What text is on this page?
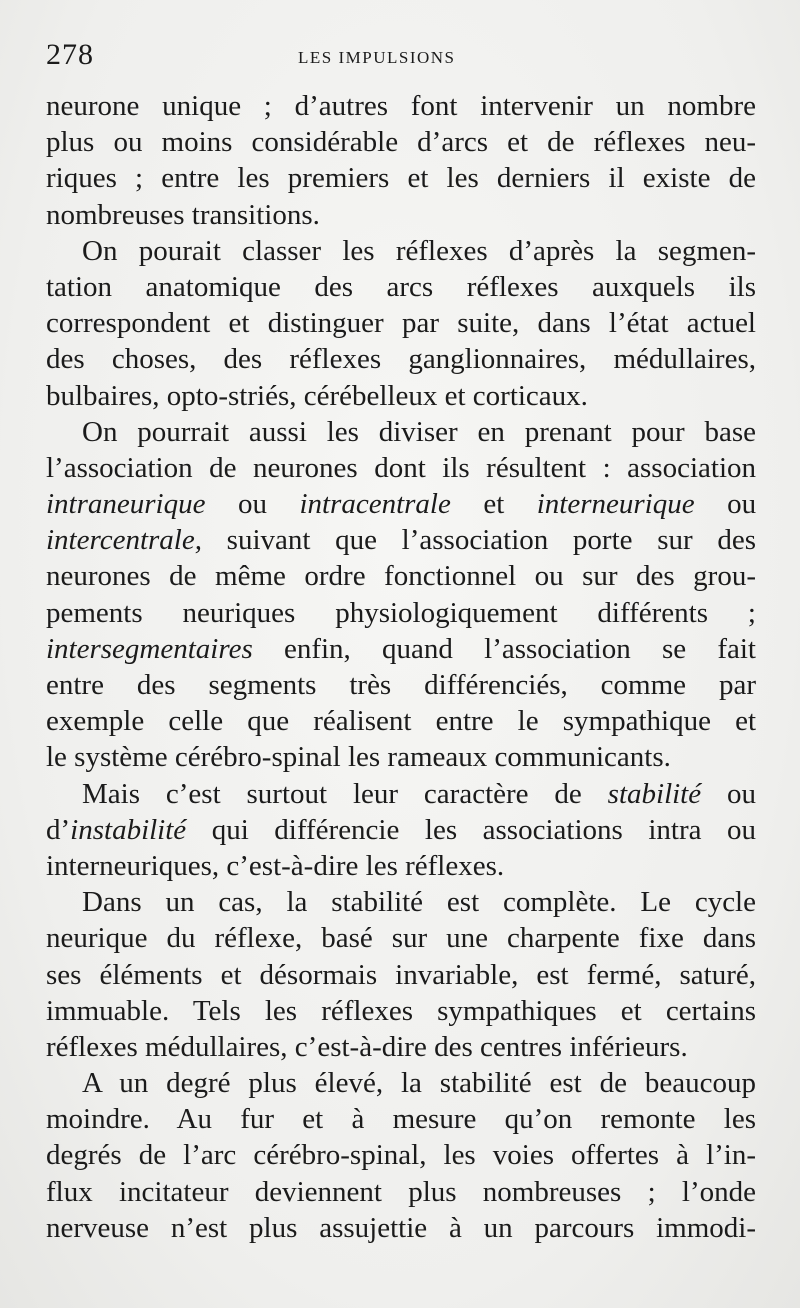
278	LES IMPULSIONS
neurone unique ; d’autres font intervenir un nombre
plus ou moins considérable d’arcs et de réflexes neu-
riques ; entre les premiers et les derniers il existe de
nombreuses transitions.
On pourait classer les réflexes d’après la segmen-
tation anatomique des arcs réflexes auxquels ils
correspondent et distinguer par suite, dans l’état actuel
des choses, des réflexes ganglionnaires, médullaires,
bulbaires, opto-striés, cérébelleux et corticaux.
On pourrait aussi les diviser en prenant pour base
l’association de neurones dont ils résultent : association
intraneurique ou intracentrale et interneurique ou
intercentrale, suivant que l’association porte sur des
neurones de même ordre fonctionnel ou sur des grou-
pements neuriques physiologiquement différents ;
intersegmentaires enfin, quand l’association se fait
entre des segments très différenciés, comme par
exemple celle que réalisent entre le sympathique et
le système cérébro-spinal les rameaux communicants.
Mais c’est surtout leur caractère de stabilité ou
d’instabilité qui différencie les associations intra ou
interneuriques, c’est-à-dire les réflexes.
Dans un cas, la stabilité est complète. Le cycle
neurique du réflexe, basé sur une charpente fixe dans
ses éléments et désormais invariable, est fermé, saturé,
immuable. Tels les réflexes sympathiques et certains
réflexes médullaires, c’est-à-dire des centres inférieurs.
A un degré plus élevé, la stabilité est de beaucoup
moindre. Au fur et à mesure qu’on remonte les
degrés de l’arc cérébro-spinal, les voies offertes à l’in-
flux incitateur deviennent plus nombreuses ; l’onde
nerveuse n’est plus assujettie à un parcours immodi-
